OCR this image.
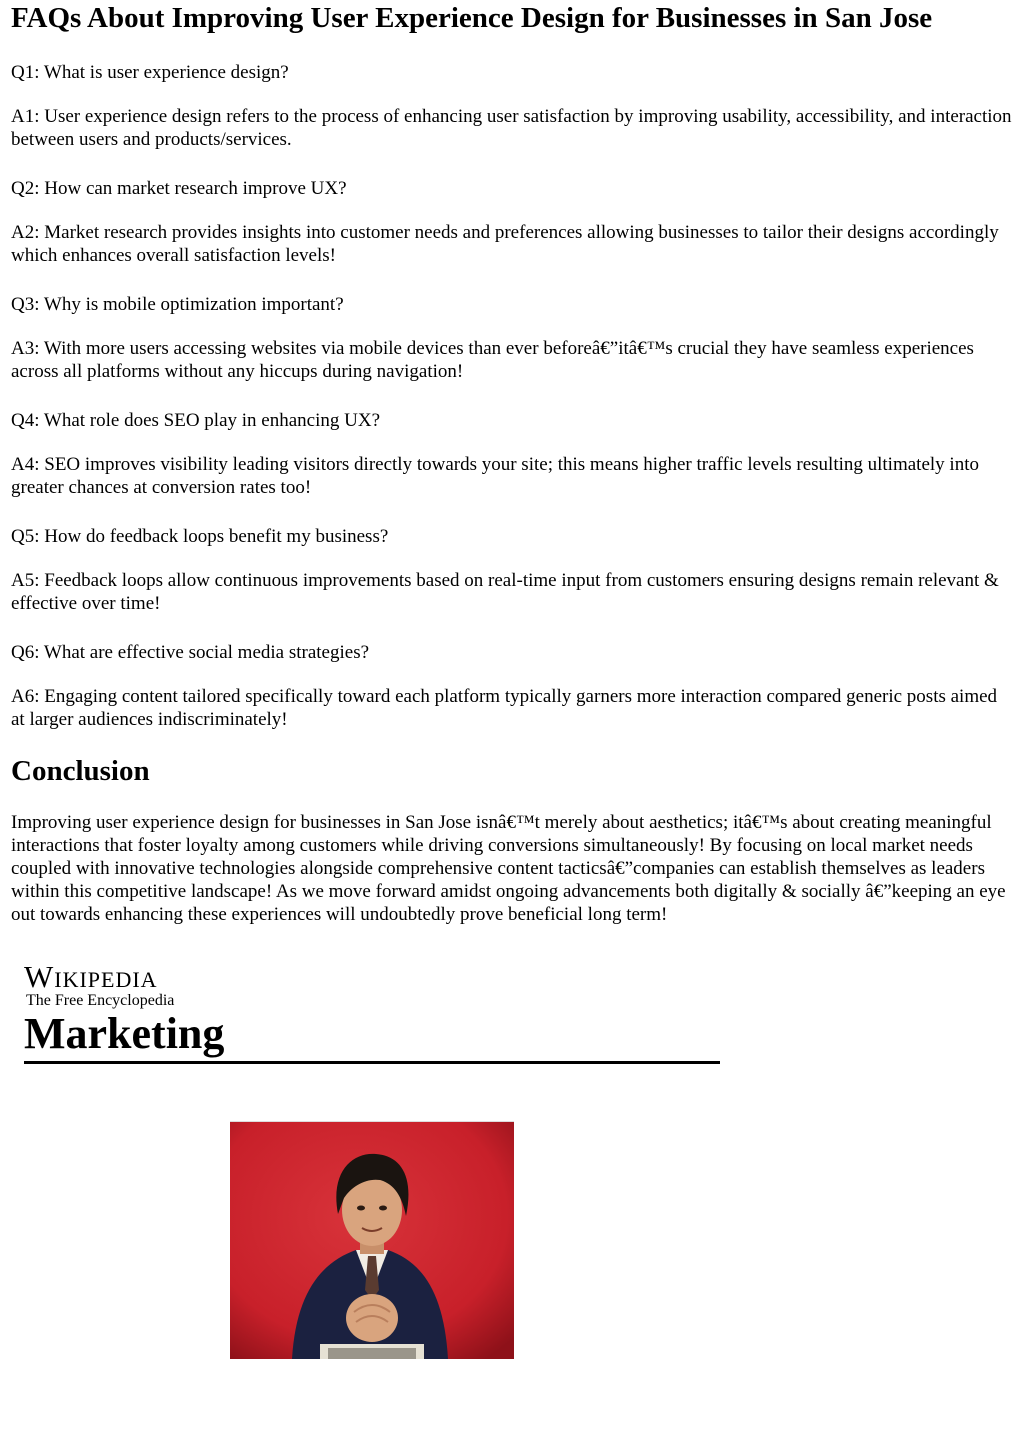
FAQs About Improving User Experience Design for Businesses in San Jose

Q1: What is user experience design?

A1: User experience design refers to the process of enhancing user satisfaction by improving usability, accessibility, and interaction between users and products/services.

Q2: How can market research improve UX?

A2: Market research provides insights into customer needs and preferences allowing businesses to tailor their designs accordingly which enhances overall satisfaction levels!

Q3: Why is mobile optimization important?

A3: With more users accessing websites via mobile devices than ever beforeâ€”itâ€™s crucial they have seamless experiences across all platforms without any hiccups during navigation!

Q4: What role does SEO play in enhancing UX?

A4: SEO improves visibility leading visitors directly towards your site; this means higher traffic levels resulting ultimately into greater chances at conversion rates too!

Q5: How do feedback loops benefit my business?

A5: Feedback loops allow continuous improvements based on real-time input from customers ensuring designs remain relevant & effective over time!

Q6: What are effective social media strategies?

A6: Engaging content tailored specifically toward each platform typically garners more interaction compared generic posts aimed at larger audiences indiscriminately!

Conclusion

Improving user experience design for businesses in San Jose isnâ€™t merely about aesthetics; itâ€™s about creating meaningful interactions that foster loyalty among customers while driving conversions simultaneously! By focusing on local market needs coupled with innovative technologies alongside comprehensive content tacticsâ€”companies can establish themselves as leaders within this competitive landscape! As we move forward amidst ongoing advancements both digitally & socially â€”keeping an eye out towards enhancing these experiences will undoubtedly prove beneficial long term!

Wikipedia
The Free Encyclopedia
Marketing
